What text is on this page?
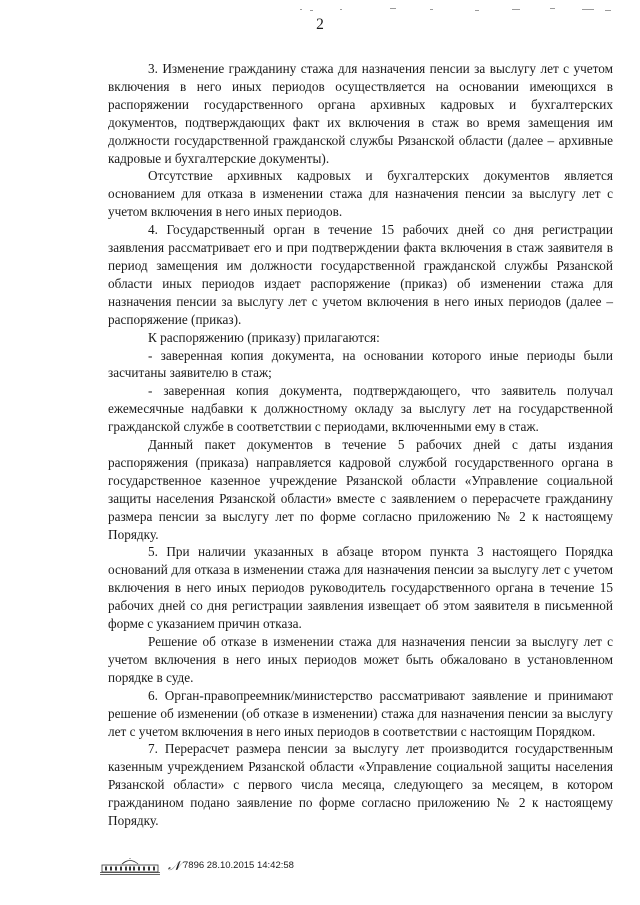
2

3. Изменение гражданину стажа для назначения пенсии за выслугу лет с учетом включения в него иных периодов осуществляется на основании имеющихся в распоряжении государственного органа архивных кадровых и бухгалтерских документов, подтверждающих факт их включения в стаж во время замещения им должности государственной гражданской службы Рязанской области (далее – архивные кадровые и бухгалтерские документы).

Отсутствие архивных кадровых и бухгалтерских документов является основанием для отказа в изменении стажа для назначения пенсии за выслугу лет с учетом включения в него иных периодов.

4. Государственный орган в течение 15 рабочих дней со дня регистрации заявления рассматривает его и при подтверждении факта включения в стаж заявителя в период замещения им должности государственной гражданской службы Рязанской области иных периодов издает распоряжение (приказ) об изменении стажа для назначения пенсии за выслугу лет с учетом включения в него иных периодов (далее – распоряжение (приказ).

К распоряжению (приказу) прилагаются:

- заверенная копия документа, на основании которого иные периоды были засчитаны заявителю в стаж;

- заверенная копия документа, подтверждающего, что заявитель получал ежемесячные надбавки к должностному окладу за выслугу лет на государственной гражданской службе в соответствии с периодами, включенными ему в стаж.

Данный пакет документов в течение 5 рабочих дней с даты издания распоряжения (приказа) направляется кадровой службой государственного органа в государственное казенное учреждение Рязанской области «Управление социальной защиты населения Рязанской области» вместе с заявлением о перерасчете гражданину размера пенсии за выслугу лет по форме согласно приложению № 2 к настоящему Порядку.

5. При наличии указанных в абзаце втором пункта 3 настоящего Порядка оснований для отказа в изменении стажа для назначения пенсии за выслугу лет с учетом включения в него иных периодов руководитель государственного органа в течение 15 рабочих дней со дня регистрации заявления извещает об этом заявителя в письменной форме с указанием причин отказа.

Решение об отказе в изменении стажа для назначения пенсии за выслугу лет с учетом включения в него иных периодов может быть обжаловано в установленном порядке в суде.

6. Орган-правопреемник/министерство рассматривают заявление и принимают решение об изменении (об отказе в изменении) стажа для назначения пенсии за выслугу лет с учетом включения в него иных периодов в соответствии с настоящим Порядком.

7. Перерасчет размера пенсии за выслугу лет производится государственным казенным учреждением Рязанской области «Управление социальной защиты населения Рязанской области» с первого числа месяца, следующего за месяцем, в котором гражданином подано заявление по форме согласно приложению № 2 к настоящему Порядку.

𝒩 7896 28.10.2015 14:42:58
